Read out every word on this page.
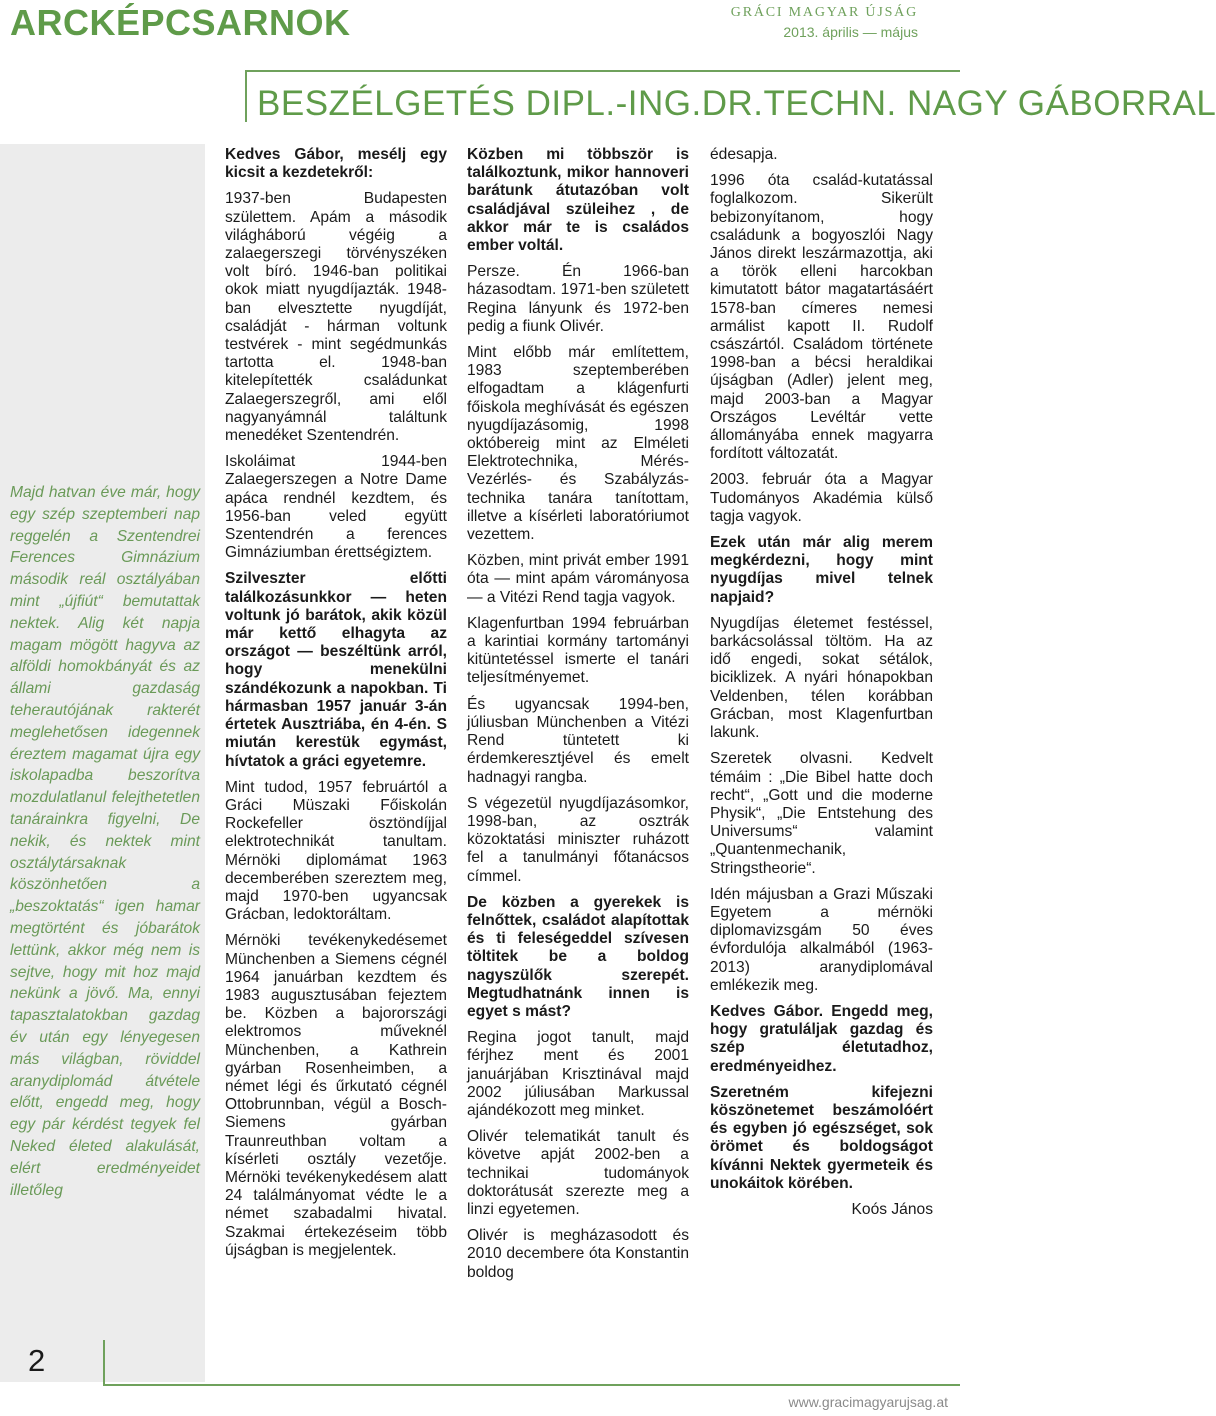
ARCKÉPCSARNOK	GRÁCI MAGYAR ÚJSÁG
2013. április — május
BESZÉLGETÉS DIPL.-ING.DR.TECHN. NAGY GÁBORRAL

Majd hatvan éve már, hogy egy szép szeptemberi nap reggelén a Szentendrei Ferences Gimnázium második reál osztályában mint „újfiút“ bemutattak nektek. Alig két napja magam mögött hagyva az alföldi homokbányát és az állami gazdaság teherautójának rakterét meglehetősen idegennek éreztem magamat újra egy iskolapadba beszorítva mozdulatlanul felejthetetlen tanárainkra figyelni, De nekik, és nektek mint osztálytársaknak köszönhetően a „beszoktatás“ igen hamar megtörtént és jóbarátok lettünk, akkor még nem is sejtve, hogy mit hoz majd nekünk a jövő. Ma, ennyi tapasztalatokban gazdag év után egy lényegesen más világban, röviddel aranydiplomád átvétele előtt, engedd meg, hogy egy pár kérdést tegyek fel Neked életed alakulását, elért eredményeidet illetőleg

Kedves Gábor, mesélj egy kicsit a kezdetekről:

1937-ben Budapesten születtem. Apám a második világháború végéig a zalaegerszegi törvényszéken volt bíró. 1946-ban politikai okok miatt nyugdíjazták. 1948-ban elvesztette nyugdíját, családját - hárman voltunk testvérek - mint segédmunkás tartotta el. 1948-ban kitelepítették családunkat Zalaegerszegről, ami elől nagyanyámnál találtunk menedéket Szentendrén.

Iskoláimat 1944-ben Zalaegerszegen a Notre Dame apáca rendnél kezdtem, és 1956-ban veled együtt Szentendrén a ferences Gimnáziumban érettségiztem.

Szilveszter előtti találkozásunkkor — heten voltunk jó barátok, akik közül már kettő elhagyta az országot — beszéltünk arról, hogy menekülni szándékozunk a napokban. Ti hármasban 1957 január 3-án értetek Ausztriába, én 4-én. S miután kerestük egymást, hívtatok a gráci egyetemre.

Mint tudod, 1957 februártól a Gráci Müszaki Főiskolán Rockefeller ösztöndíjjal elektrotechnikát tanultam. Mérnöki diplomámat 1963 decemberében szereztem meg, majd 1970-ben ugyancsak Grácban, ledoktoráltam.

Mérnöki tevékenykedésemet Münchenben a Siemens cégnél 1964 januárban kezdtem és 1983 augusztusában fejeztem be. Közben a bajorországi elektromos műveknél Münchenben, a Kathrein gyárban Rosenheimben, a német légi és űrkutató cégnél Ottobrunnban, végül a Bosch-Siemens gyárban Traunreuthban voltam a kísérleti osztály vezetője. Mérnöki tevékenykedésem alatt 24 találmányomat védte le a német szabadalmi hivatal. Szakmai értekezéseim több újságban is megjelentek.

Közben mi többször is találkoztunk, mikor hannoveri barátunk átutazóban volt családjával szüleihez , de akkor már te is családos ember voltál.

Persze. Én 1966-ban házasodtam. 1971-ben született Regina lányunk és 1972-ben pedig a fiunk Olivér.

Mint előbb már említettem, 1983 szeptemberében elfogadtam a klágenfurti főiskola meghívását és egészen nyugdíjazásomig, 1998 októbereig mint az Elméleti Elektrotechnika, Mérés- Vezérlés- és Szabályzás-technika tanára tanítottam, illetve a kísérleti laboratóriumot vezettem.

Közben, mint privát ember 1991 óta — mint apám várományosa — a Vitézi Rend tagja vagyok.

Klagenfurtban 1994 februárban a karintiai kormány tartományi kitüntetéssel ismerte el tanári teljesítményemet.

És ugyancsak 1994-ben, júliusban Münchenben a Vitézi Rend tüntetett ki érdemkeresztjével és emelt hadnagyi rangba.

S végezetül nyugdíjazásomkor, 1998-ban, az osztrák közoktatási miniszter ruházott fel a tanulmányi főtanácsos címmel.

De közben a gyerekek is felnőttek, családot alapítottak és ti feleségeddel szívesen töltitek be a boldog nagyszülők szerepét. Megtudhatnánk innen is egyet s mást?

Regina jogot tanult, majd férjhez ment és 2001 januárjában Krisztinával majd 2002 júliusában Markussal ajándékozott meg minket.

Olivér telematikát tanult és követve apját 2002-ben a technikai tudományok doktorátusát szerezte meg a linzi egyetemen.

Olivér is megházasodott és 2010 decembere óta Konstantin boldog

édesapja.

1996 óta család-kutatással foglalkozom. Sikerült bebizonyítanom, hogy családunk a bogyoszlói Nagy János direkt leszármazottja, aki a török elleni harcokban kimutatott bátor magatartásáért 1578-ban címeres nemesi armálist kapott II. Rudolf császártól. Családom története 1998-ban a bécsi heraldikai újságban (Adler) jelent meg, majd 2003-ban a Magyar Országos Levéltár vette állományába ennek magyarra fordított változatát.

2003. február óta a Magyar Tudományos Akadémia külső tagja vagyok.

Ezek után már alig merem megkérdezni, hogy mint nyugdíjas mivel telnek napjaid?

Nyugdíjas életemet festéssel, barkácsolással töltöm. Ha az idő engedi, sokat sétálok, biciklizek. A nyári hónapokban Veldenben, télen korábban Grácban, most Klagenfurtban lakunk.

Szeretek olvasni. Kedvelt témáim : „Die Bibel hatte doch recht“, „Gott und die moderne Physik“, „Die Entstehung des Universums“ valamint „Quantenmechanik, Stringstheorie“.

Idén májusban a Grazi Műszaki Egyetem a mérnöki diplomavizsgám 50 éves évfordulója alkalmából (1963-2013) aranydiplomával emlékezik meg.

Kedves Gábor. Engedd meg, hogy gratuláljak gazdag és szép életutadhoz, eredményeidhez.

Szeretném kifejezni köszönetemet beszámolóért és egyben jó egészséget, sok örömet és boldogságot kívánni Nektek gyermeteik és unokáitok körében.

Koós János

2
www.gracimagyarujsag.at
